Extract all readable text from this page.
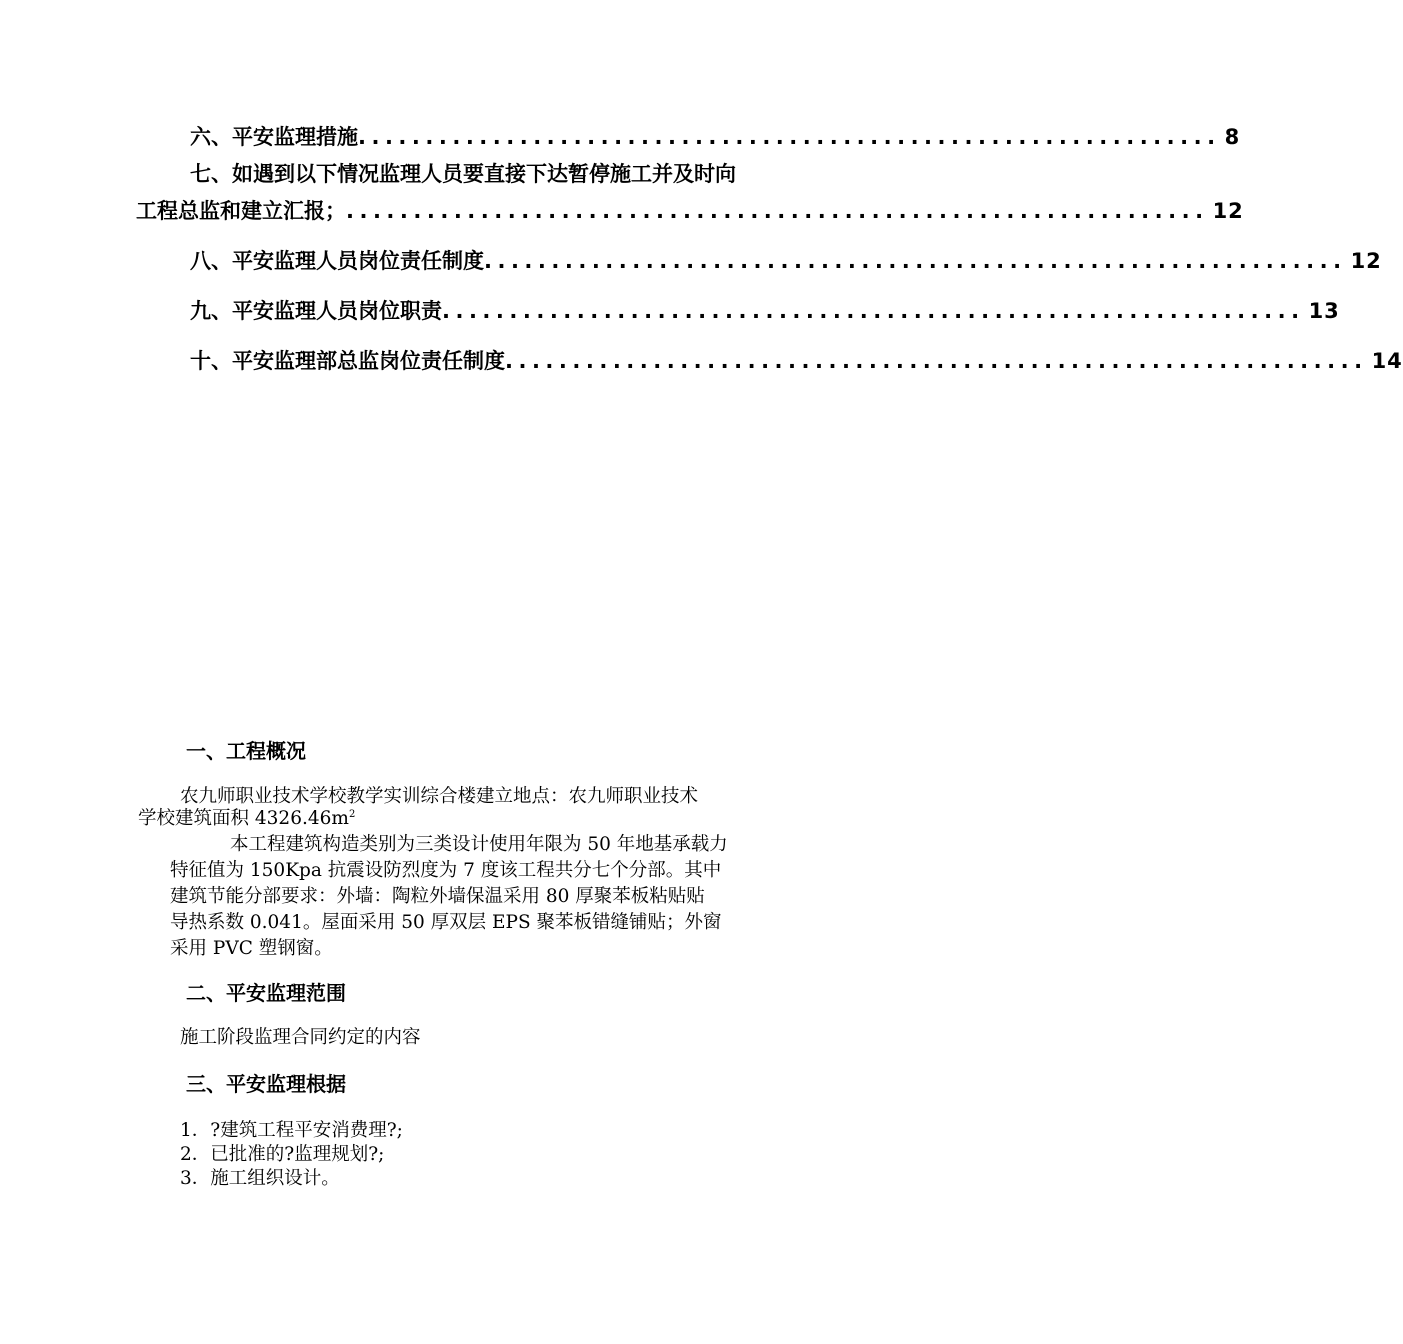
六、平安监理措施 ................................................................ 8
七、如遇到以下情况监理人员要直接下达暂停施工并及时向
工程总监和建立汇报； ................................................................ 12
八、平安监理人员岗位责任制度 ................................................................ 12
九、平安监理人员岗位职责 ................................................................ 13
十、平安监理部总监岗位责任制度 ................................................................ 14
一、工程概况
农九师职业技术学校教学实训综合楼建立地点：农九师职业技术
学校建筑面积 $4326.46m^2$
本工程建筑构造类别为三类设计使用年限为 50 年地基承载力
特征值为 150Kpa 抗震设防烈度为 7 度该工程共分七个分部。其中
建筑节能分部要求：外墙：陶粒外墙保温采用 80 厚聚苯板粘贴贴
导热系数 0.041。屋面采用 50 厚双层 EPS 聚苯板错缝铺贴；外窗
采用 PVC 塑钢窗。
二、平安监理范围
施工阶段监理合同约定的内容
三、平安监理根据
1．?建筑工程平安消费理?;
2．已批准的?监理规划?;
3．施工组织设计。
